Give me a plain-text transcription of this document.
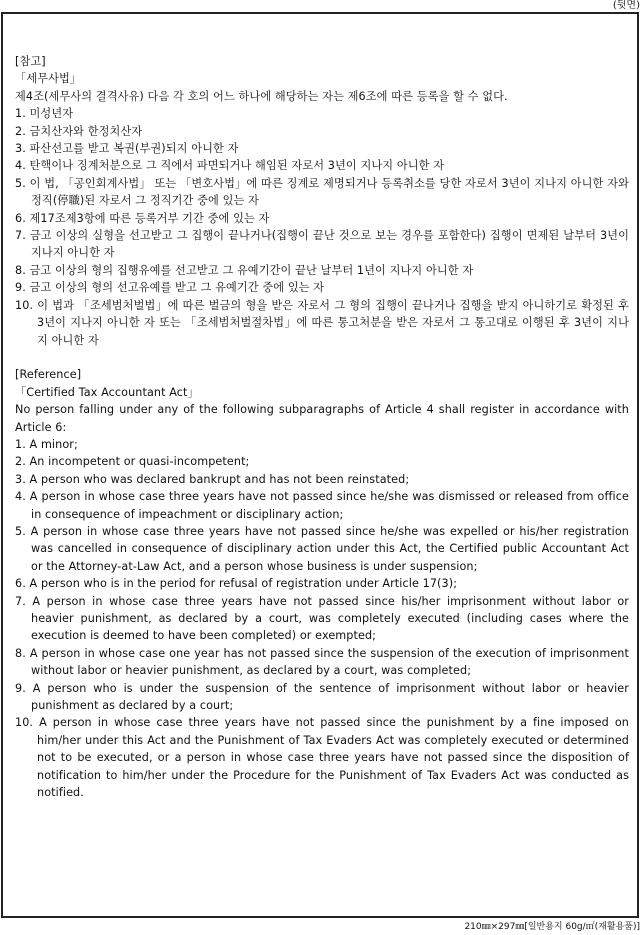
(뒷면)

[참고]

「세무사법」

제4조(세무사의 결격사유) 다음 각 호의 어느 하나에 해당하는 자는 제6조에 따른 등록을 할 수 없다.

1. 미성년자

2. 금치산자와 한정치산자

3. 파산선고를 받고 복권(부권)되지 아니한 자

4. 탄핵이나 징계처분으로 그 직에서 파면되거나 해임된 자로서 3년이 지나지 아니한 자

5. 이 법, 「공인회계사법」 또는 「변호사법」에 따른 징계로 제명되거나 등록취소를 당한 자로서 3년이 지나지 아니한 자와 정직(停職)된 자로서 그 정직기간 중에 있는 자

6. 제17조제3항에 따른 등록거부 기간 중에 있는 자

7. 금고 이상의 실형을 선고받고 그 집행이 끝나거나(집행이 끝난 것으로 보는 경우를 포함한다) 집행이 면제된 날부터 3년이 지나지 아니한 자

8. 금고 이상의 형의 집행유예를 선고받고 그 유예기간이 끝난 날부터 1년이 지나지 아니한 자

9. 금고 이상의 형의 선고유예를 받고 그 유예기간 중에 있는 자

10. 이 법과 「조세범처벌법」에 따른 벌금의 형을 받은 자로서 그 형의 집행이 끝나거나 집행을 받지 아니하기로 확정된 후 3년이 지나지 아니한 자 또는 「조세범처벌절차법」에 따른 통고처분을 받은 자로서 그 통고대로 이행된 후 3년이 지나지 아니한 자

[Reference]

「Certified Tax Accountant Act」

No person falling under any of the following subparagraphs of Article 4 shall register in accordance with Article 6:

1. A minor;

2. An incompetent or quasi-incompetent;

3. A person who was declared bankrupt and has not been reinstated;

4. A person in whose case three years have not passed since he/she was dismissed or released from office in consequence of impeachment or disciplinary action;

5. A person in whose case three years have not passed since he/she was expelled or his/her registration was cancelled in consequence of disciplinary action under this Act, the Certified public Accountant Act or the Attorney-at-Law Act, and a person whose business is under suspension;

6. A person who is in the period for refusal of registration under Article 17(3);

7. A person in whose case three years have not passed since his/her imprisonment without labor or heavier punishment, as declared by a court, was completely executed (including cases where the execution is deemed to have been completed) or exempted;

8. A person in whose case one year has not passed since the suspension of the execution of imprisonment without labor or heavier punishment, as declared by a court, was completed;

9. A person who is under the suspension of the sentence of imprisonment without labor or heavier punishment as declared by a court;

10. A person in whose case three years have not passed since the punishment by a fine imposed on him/her under this Act and the Punishment of Tax Evaders Act was completely executed or determined not to be executed, or a person in whose case three years have not passed since the disposition of notification to him/her under the Procedure for the Punishment of Tax Evaders Act was conducted as notified.

210㎜×297㎜[일반용지 60g/㎡(재활용품)]
